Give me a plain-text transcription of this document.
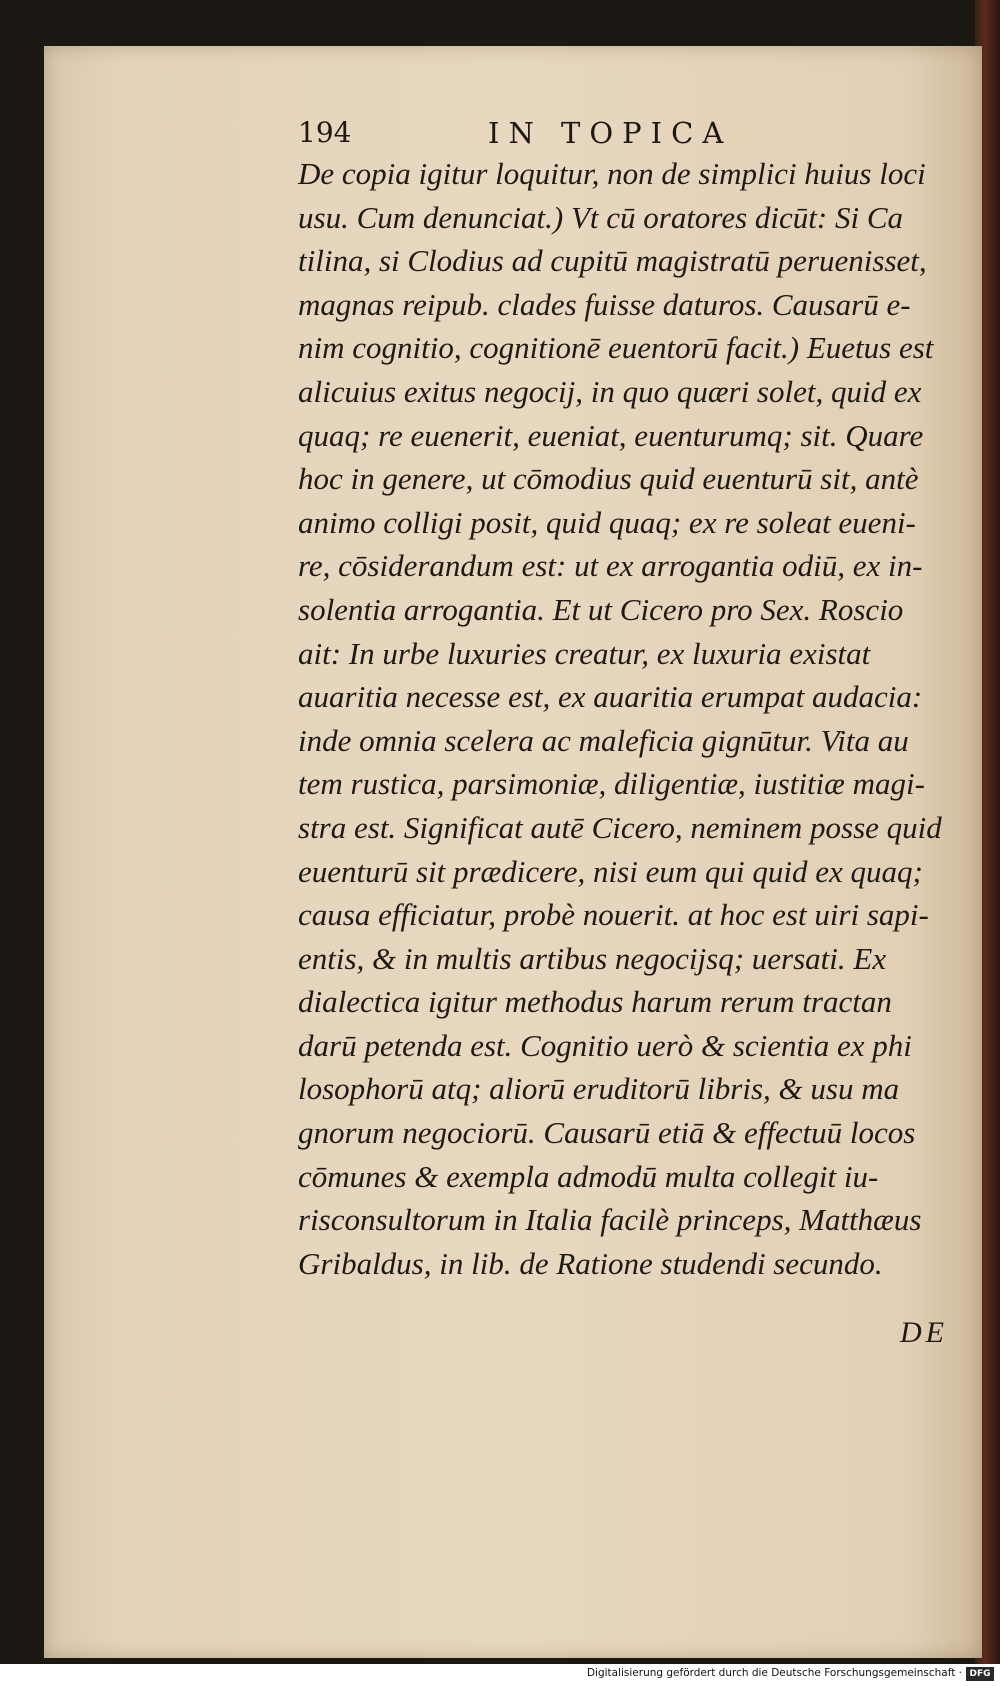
194	IN TOPICA
De copia igitur loquitur, non de simplici huius loci
usu. Cum denunciat.) Vt cū oratores dicūt: Si Ca
tilina, si Clodius ad cupitū magistratū peruenisset,
magnas reipub. clades fuisse daturos. Causarū e-
nim cognitio, cognitionē euentorū facit.) Euetus est
alicuius exitus negocij, in quo quæri solet, quid ex
quaq; re euenerit, eueniat, euenturumq; sit. Quare
hoc in genere, ut cōmodius quid euenturū sit, antè
animo colligi posit, quid quaq; ex re soleat eueni-
re, cōsiderandum est: ut ex arrogantia odiū, ex in-
solentia arrogantia. Et ut Cicero pro Sex. Roscio
ait: In urbe luxuries creatur, ex luxuria existat
auaritia necesse est, ex auaritia erumpat audacia:
inde omnia scelera ac maleficia gignūtur. Vita au
tem rustica, parsimoniæ, diligentiæ, iustitiæ magi-
stra est. Significat autē Cicero, neminem posse quid
euenturū sit prædicere, nisi eum qui quid ex quaq;
causa efficiatur, probè nouerit. at hoc est uiri sapi-
entis, & in multis artibus negocijsq; uersati. Ex
dialectica igitur methodus harum rerum tractan
darū petenda est. Cognitio uerò & scientia ex phi
losophorū atq; aliorū eruditorū libris, & usu ma
gnorum negociorū. Causarū etiā & effectuū locos
cōmunes & exempla admodū multa collegit iu-
risconsultorum in Italia facilè princeps, Matthæus
Gribaldus, in lib. de Ratione studendi secundo.
DE
Digitalisierung gefördert durch die Deutsche Forschungsgemeinschaft · DFG
